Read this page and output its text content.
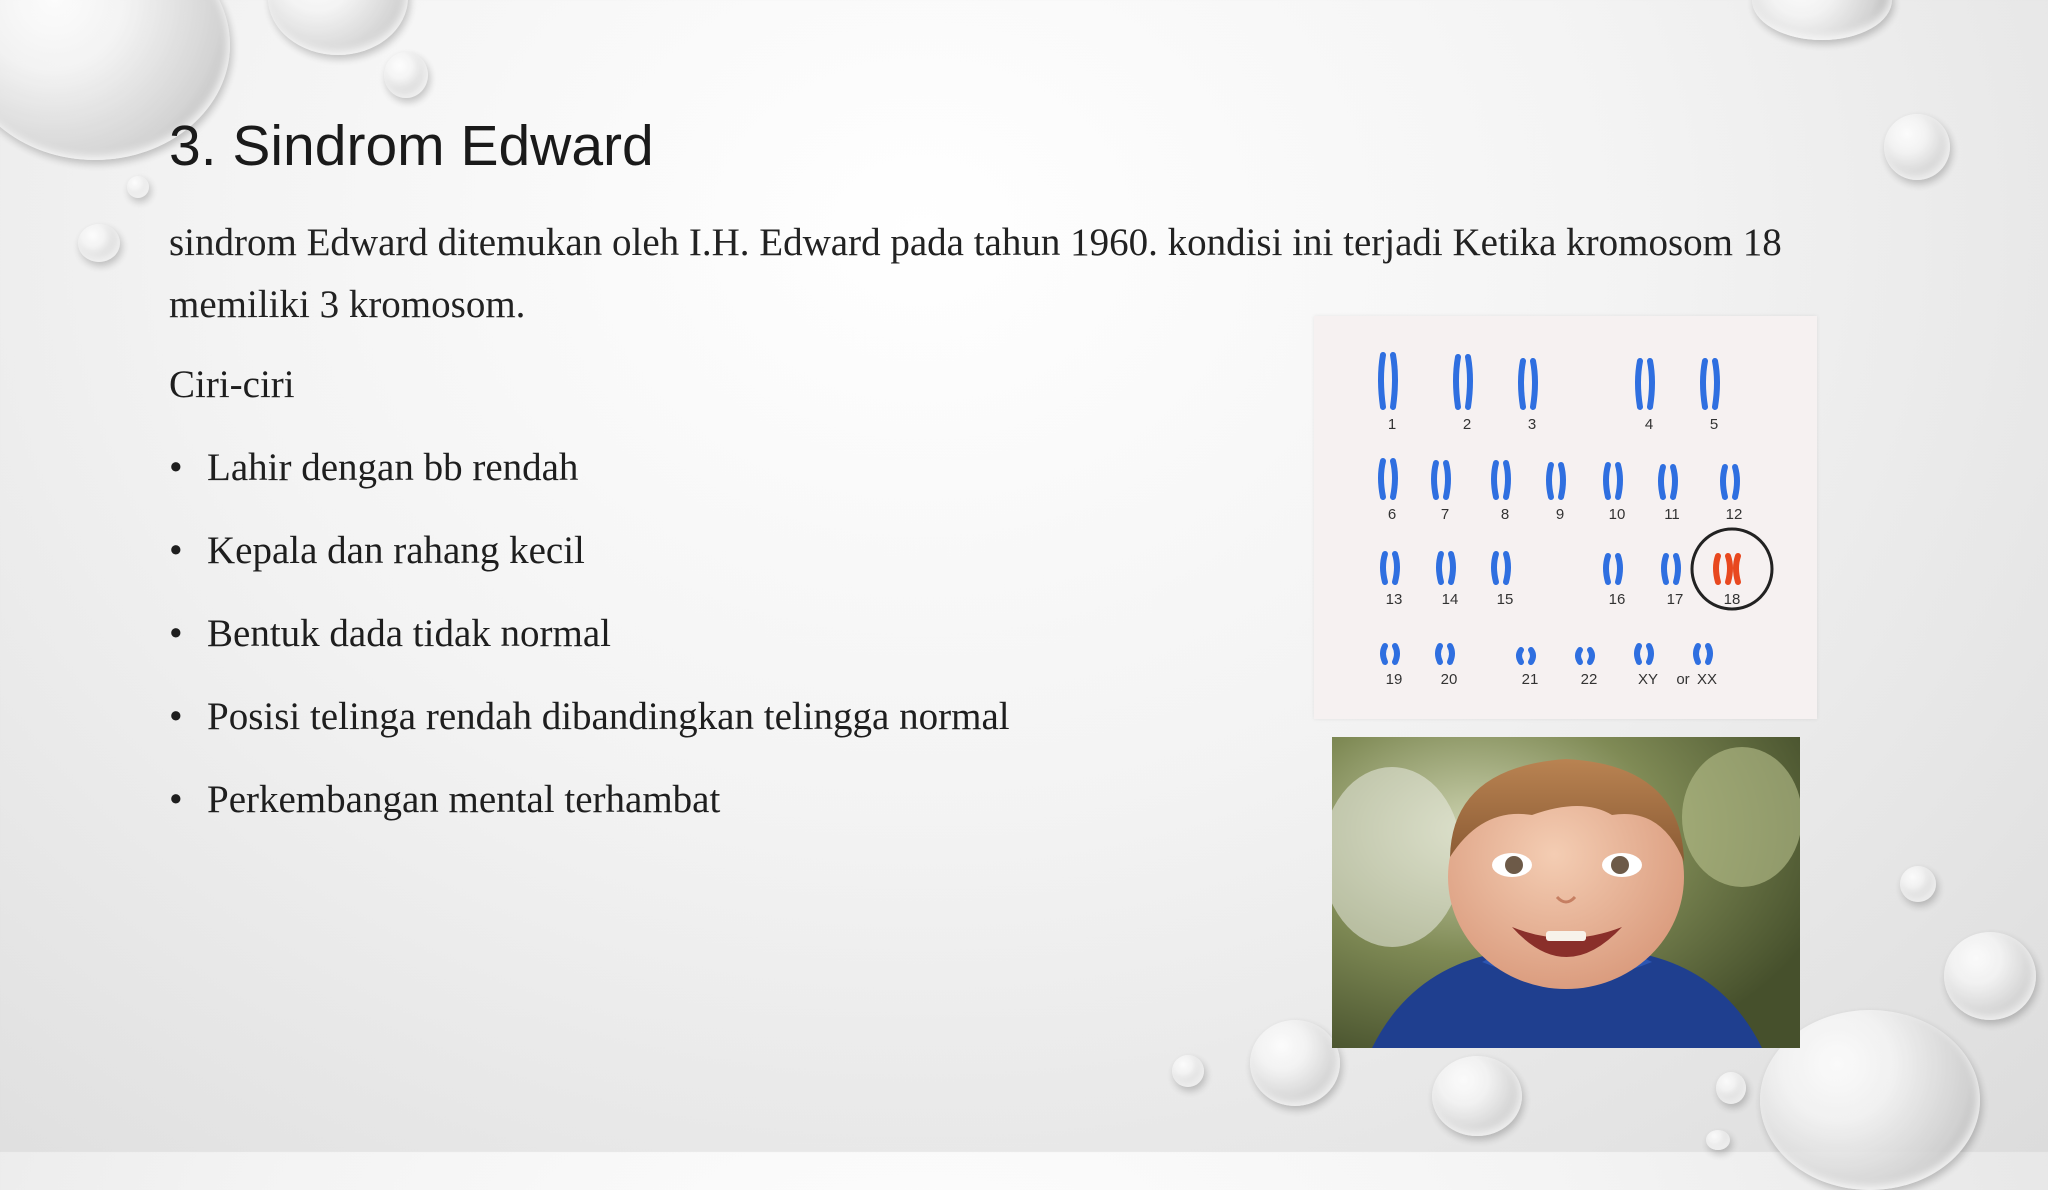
3. Sindrom Edward

sindrom Edward ditemukan oleh I.H. Edward pada tahun 1960. kondisi ini terjadi Ketika kromosom 18 memiliki 3 kromosom.

Ciri-ciri

• Lahir dengan bb rendah
• Kepala dan rahang kecil
• Bentuk dada tidak normal
• Posisi telinga rendah dibandingkan telingga normal
• Perkembangan mental terhambat
1	2	3	4	5
6	7	8	9	10	11	12
13	14	15	16	17	18
19	20	21	22	XY or XX
